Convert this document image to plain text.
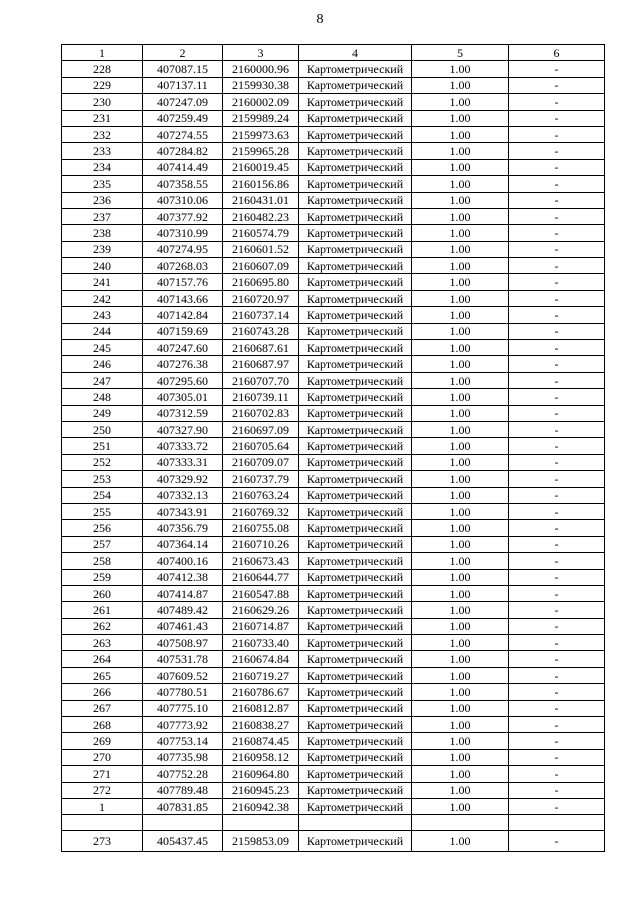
8
1	2	3	4	5	6
228	407087.15	2160000.96	Картометрический	1.00	-
229	407137.11	2159930.38	Картометрический	1.00	-
230	407247.09	2160002.09	Картометрический	1.00	-
231	407259.49	2159989.24	Картометрический	1.00	-
232	407274.55	2159973.63	Картометрический	1.00	-
233	407284.82	2159965.28	Картометрический	1.00	-
234	407414.49	2160019.45	Картометрический	1.00	-
235	407358.55	2160156.86	Картометрический	1.00	-
236	407310.06	2160431.01	Картометрический	1.00	-
237	407377.92	2160482.23	Картометрический	1.00	-
238	407310.99	2160574.79	Картометрический	1.00	-
239	407274.95	2160601.52	Картометрический	1.00	-
240	407268.03	2160607.09	Картометрический	1.00	-
241	407157.76	2160695.80	Картометрический	1.00	-
242	407143.66	2160720.97	Картометрический	1.00	-
243	407142.84	2160737.14	Картометрический	1.00	-
244	407159.69	2160743.28	Картометрический	1.00	-
245	407247.60	2160687.61	Картометрический	1.00	-
246	407276.38	2160687.97	Картометрический	1.00	-
247	407295.60	2160707.70	Картометрический	1.00	-
248	407305.01	2160739.11	Картометрический	1.00	-
249	407312.59	2160702.83	Картометрический	1.00	-
250	407327.90	2160697.09	Картометрический	1.00	-
251	407333.72	2160705.64	Картометрический	1.00	-
252	407333.31	2160709.07	Картометрический	1.00	-
253	407329.92	2160737.79	Картометрический	1.00	-
254	407332.13	2160763.24	Картометрический	1.00	-
255	407343.91	2160769.32	Картометрический	1.00	-
256	407356.79	2160755.08	Картометрический	1.00	-
257	407364.14	2160710.26	Картометрический	1.00	-
258	407400.16	2160673.43	Картометрический	1.00	-
259	407412.38	2160644.77	Картометрический	1.00	-
260	407414.87	2160547.88	Картометрический	1.00	-
261	407489.42	2160629.26	Картометрический	1.00	-
262	407461.43	2160714.87	Картометрический	1.00	-
263	407508.97	2160733.40	Картометрический	1.00	-
264	407531.78	2160674.84	Картометрический	1.00	-
265	407609.52	2160719.27	Картометрический	1.00	-
266	407780.51	2160786.67	Картометрический	1.00	-
267	407775.10	2160812.87	Картометрический	1.00	-
268	407773.92	2160838.27	Картометрический	1.00	-
269	407753.14	2160874.45	Картометрический	1.00	-
270	407735.98	2160958.12	Картометрический	1.00	-
271	407752.28	2160964.80	Картометрический	1.00	-
272	407789.48	2160945.23	Картометрический	1.00	-
1	407831.85	2160942.38	Картометрический	1.00	-

273	405437.45	2159853.09	Картометрический	1.00	-
